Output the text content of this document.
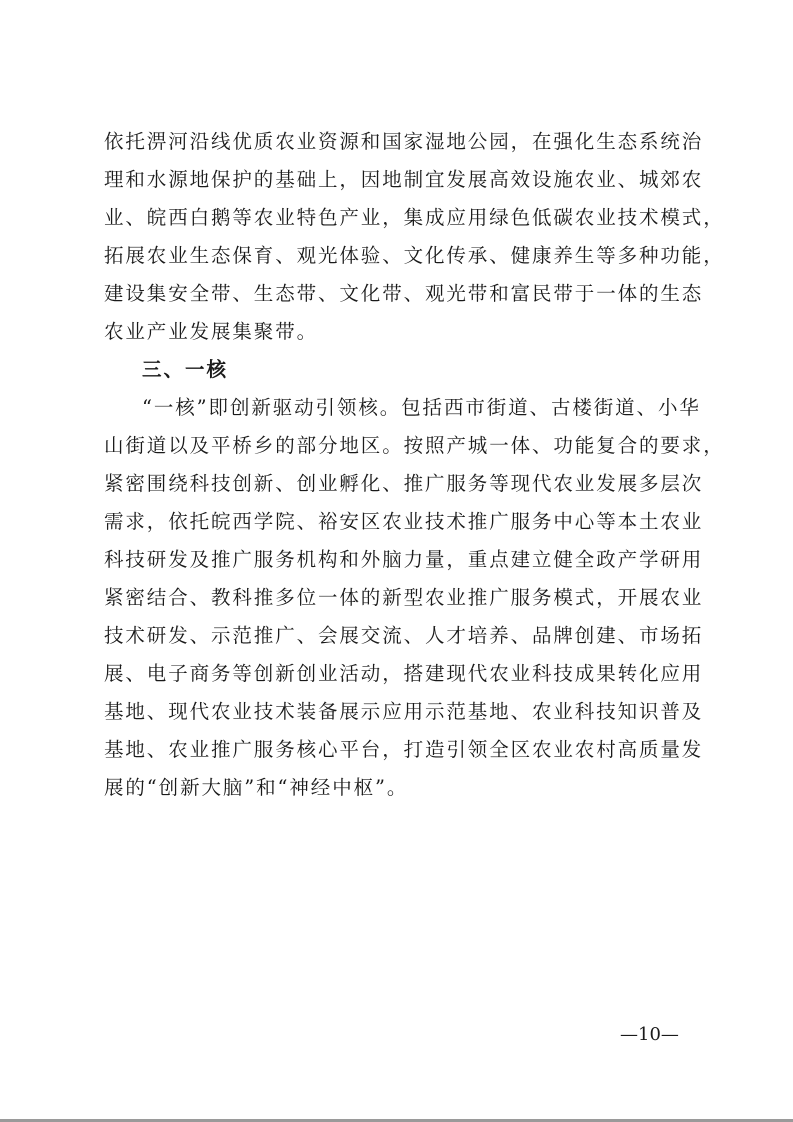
依托淠河沿线优质农业资源和国家湿地公园，在强化生态系统治
理和水源地保护的基础上，因地制宜发展高效设施农业、城郊农
业、皖西白鹅等农业特色产业，集成应用绿色低碳农业技术模式，
拓展农业生态保育、观光体验、文化传承、健康养生等多种功能，
建设集安全带、生态带、文化带、观光带和富民带于一体的生态
农业产业发展集聚带。
三、一核
“一核”即创新驱动引领核。包括西市街道、古楼街道、小华
山街道以及平桥乡的部分地区。按照产城一体、功能复合的要求，
紧密围绕科技创新、创业孵化、推广服务等现代农业发展多层次
需求，依托皖西学院、裕安区农业技术推广服务中心等本土农业
科技研发及推广服务机构和外脑力量，重点建立健全政产学研用
紧密结合、教科推多位一体的新型农业推广服务模式，开展农业
技术研发、示范推广、会展交流、人才培养、品牌创建、市场拓
展、电子商务等创新创业活动，搭建现代农业科技成果转化应用
基地、现代农业技术装备展示应用示范基地、农业科技知识普及
基地、农业推广服务核心平台，打造引领全区农业农村高质量发
展的“创新大脑”和“神经中枢”。
—10—
